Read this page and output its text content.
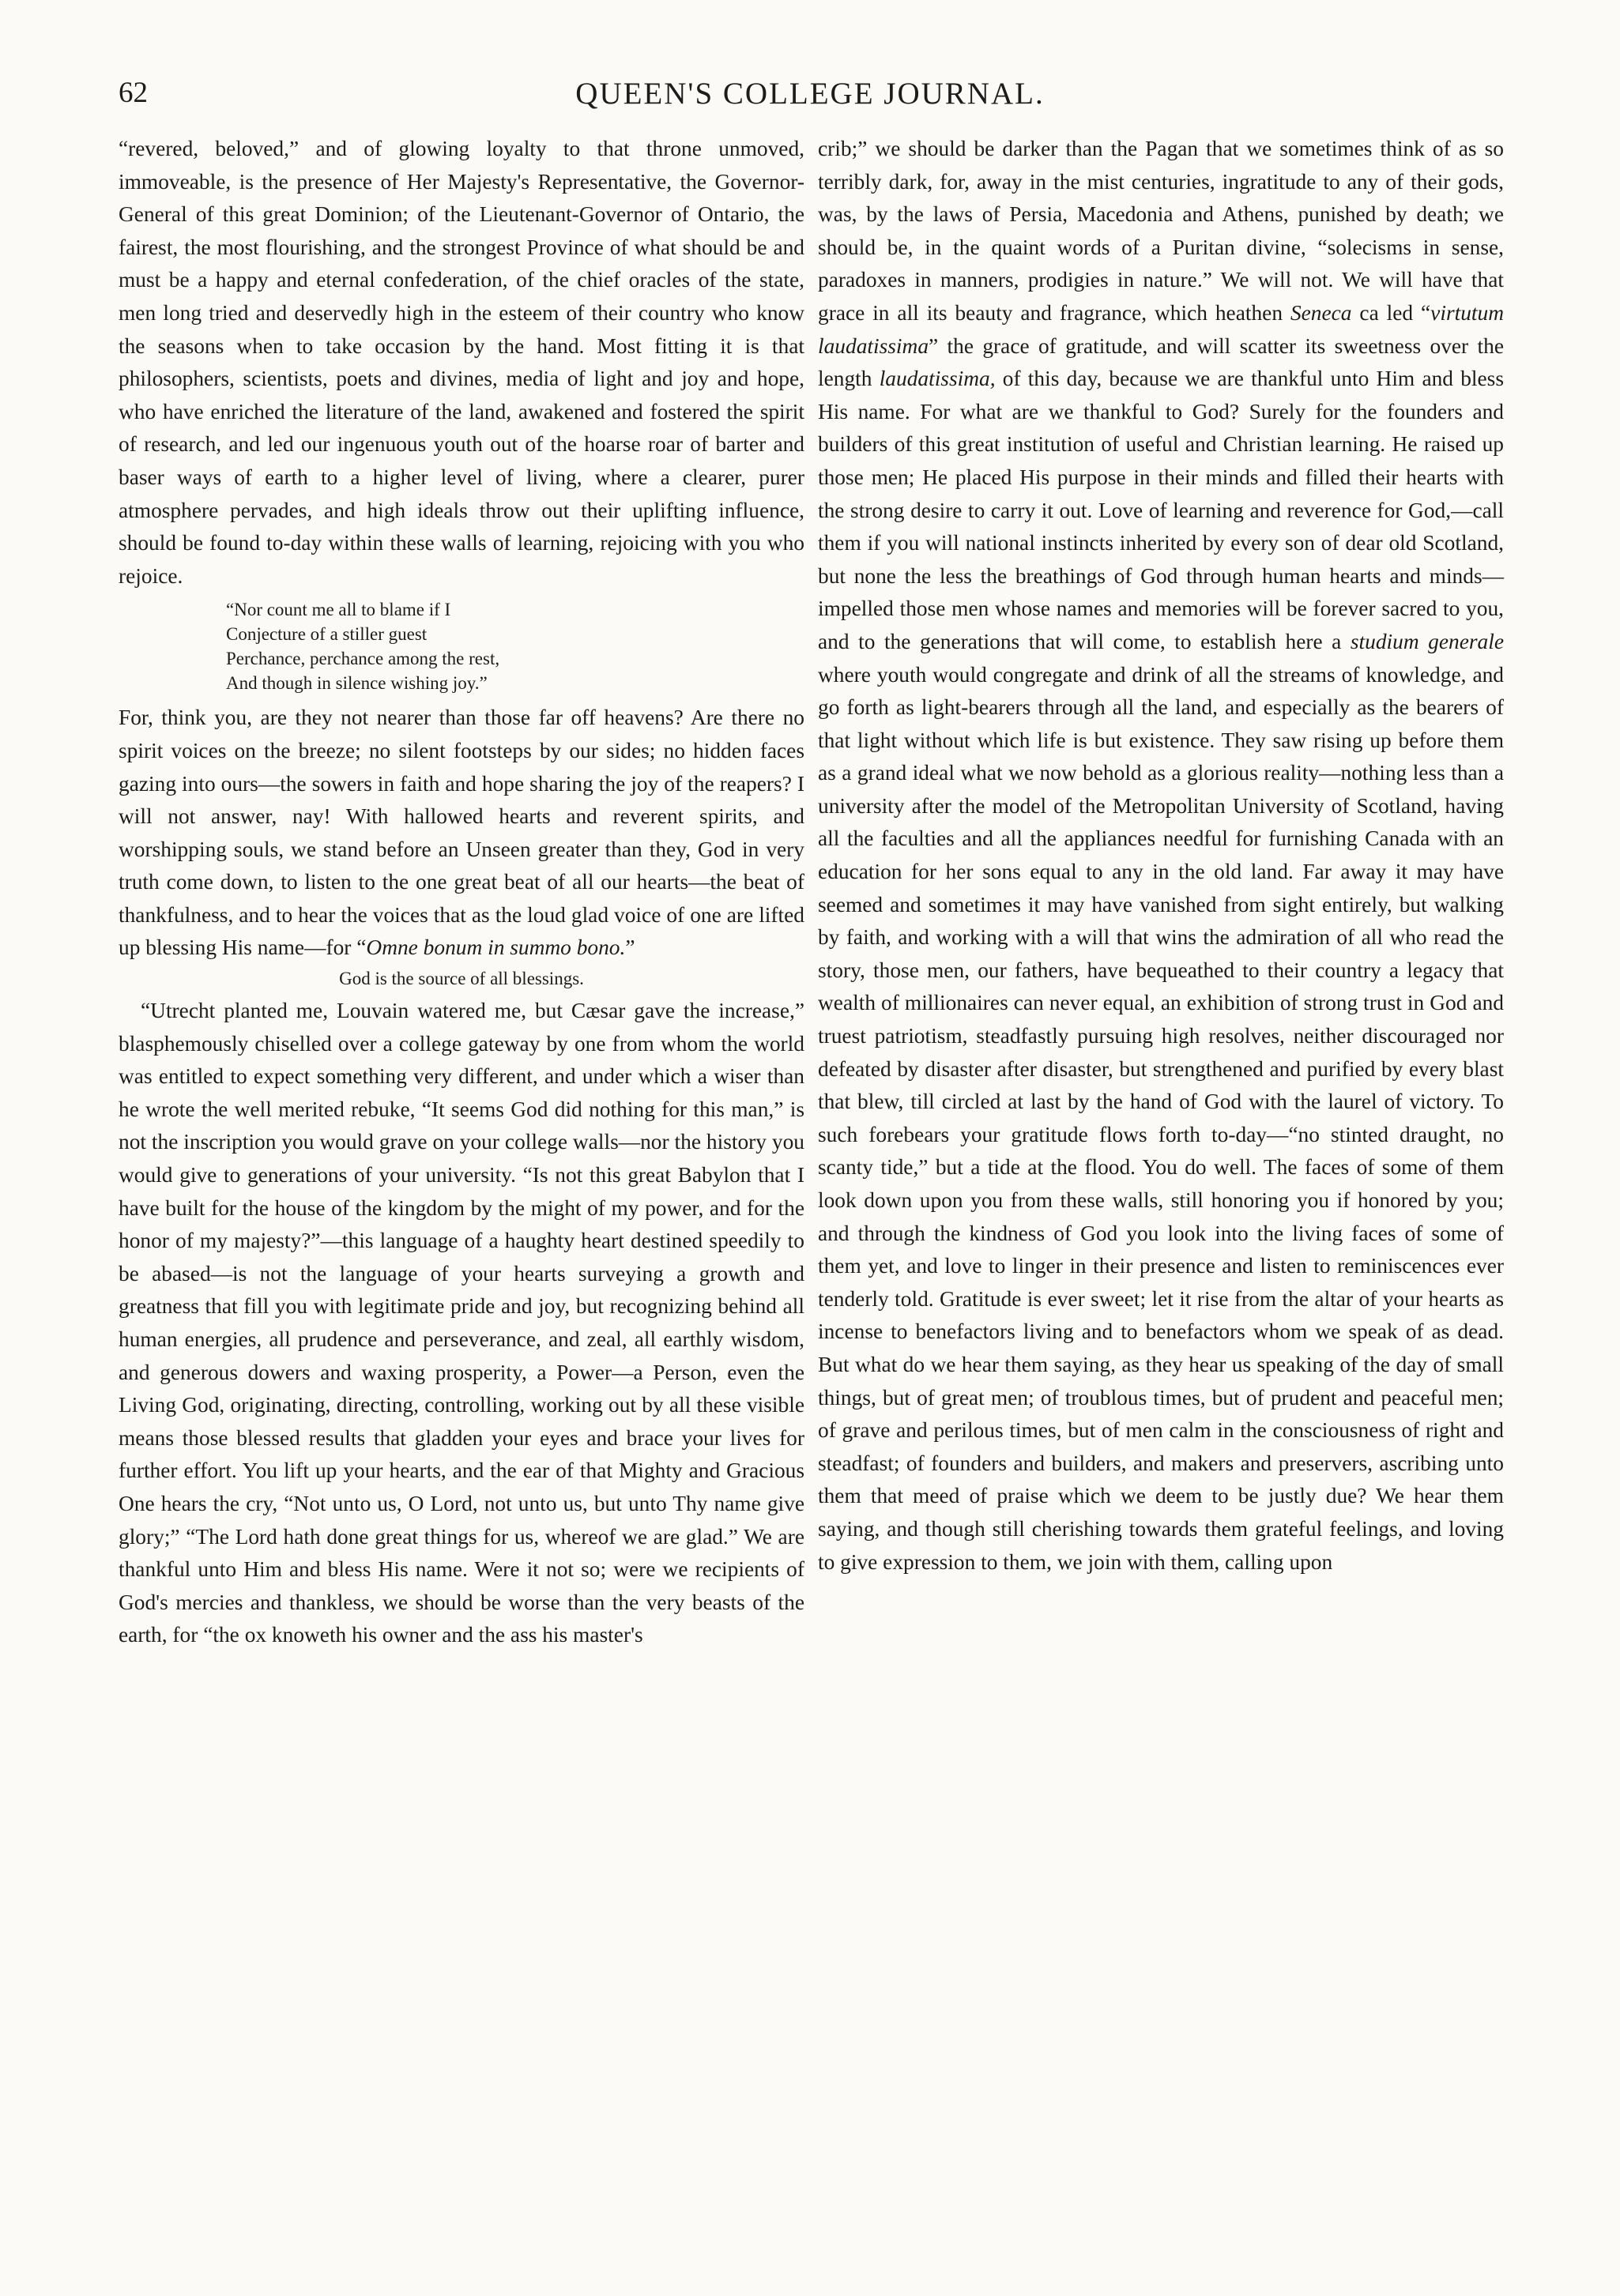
62	QUEEN'S COLLEGE JOURNAL.

“revered, beloved,” and of glowing loyalty to that throne unmoved, immoveable, is the presence of Her Majesty's Representative, the Governor-General of this great Dominion; of the Lieutenant-Governor of Ontario, the fairest, the most flourishing, and the strongest Province of what should be and must be a happy and eternal confederation, of the chief oracles of the state, men long tried and deservedly high in the esteem of their country who know the seasons when to take occasion by the hand. Most fitting it is that philosophers, scientists, poets and divines, media of light and joy and hope, who have enriched the literature of the land, awakened and fostered the spirit of research, and led our ingenuous youth out of the hoarse roar of barter and baser ways of earth to a higher level of living, where a clearer, purer atmosphere pervades, and high ideals throw out their uplifting influence, should be found to-day within these walls of learning, rejoicing with you who rejoice.

“Nor count me all to blame if I
Conjecture of a stiller guest
Perchance, perchance among the rest,
And though in silence wishing joy.”

For, think you, are they not nearer than those far off heavens? Are there no spirit voices on the breeze; no silent footsteps by our sides; no hidden faces gazing into ours—the sowers in faith and hope sharing the joy of the reapers? I will not answer, nay! With hallowed hearts and reverent spirits, and worshipping souls, we stand before an Unseen greater than they, God in very truth come down, to listen to the one great beat of all our hearts—the beat of thankfulness, and to hear the voices that as the loud glad voice of one are lifted up blessing His name—for “Omne bonum in summo bono.”

God is the source of all blessings.

“Utrecht planted me, Louvain watered me, but Cæsar gave the increase,” blasphemously chiselled over a college gateway by one from whom the world was entitled to expect something very different, and under which a wiser than he wrote the well merited rebuke, “It seems God did nothing for this man,” is not the inscription you would grave on your college walls—nor the history you would give to generations of your university. “Is not this great Babylon that I have built for the house of the kingdom by the might of my power, and for the honor of my majesty?”—this language of a haughty heart destined speedily to be abased—is not the language of your hearts surveying a growth and greatness that fill you with legitimate pride and joy, but recognizing behind all human energies, all prudence and perseverance, and zeal, all earthly wisdom, and generous dowers and waxing prosperity, a Power—a Person, even the Living God, originating, directing, controlling, working out by all these visible means those blessed results that gladden your eyes and brace your lives for further effort. You lift up your hearts, and the ear of that Mighty and Gracious One hears the cry, “Not unto us, O Lord, not unto us, but unto Thy name give glory;” “The Lord hath done great things for us, whereof we are glad.” We are thankful unto Him and bless His name. Were it not so; were we recipients of God's mercies and thankless, we should be worse than the very beasts of the earth, for “the ox knoweth his owner and the ass his master's

crib;” we should be darker than the Pagan that we sometimes think of as so terribly dark, for, away in the mist centuries, ingratitude to any of their gods, was, by the laws of Persia, Macedonia and Athens, punished by death; we should be, in the quaint words of a Puritan divine, “solecisms in sense, paradoxes in manners, prodigies in nature.” We will not. We will have that grace in all its beauty and fragrance, which heathen Seneca ca led “virtutum laudatissima” the grace of gratitude, and will scatter its sweetness over the length laudatissima, of this day, because we are thankful unto Him and bless His name. For what are we thankful to God? Surely for the founders and builders of this great institution of useful and Christian learning. He raised up those men; He placed His purpose in their minds and filled their hearts with the strong desire to carry it out. Love of learning and reverence for God,—call them if you will national instincts inherited by every son of dear old Scotland, but none the less the breathings of God through human hearts and minds—impelled those men whose names and memories will be forever sacred to you, and to the generations that will come, to establish here a studium generale where youth would congregate and drink of all the streams of knowledge, and go forth as light-bearers through all the land, and especially as the bearers of that light without which life is but existence. They saw rising up before them as a grand ideal what we now behold as a glorious reality—nothing less than a university after the model of the Metropolitan University of Scotland, having all the faculties and all the appliances needful for furnishing Canada with an education for her sons equal to any in the old land. Far away it may have seemed and sometimes it may have vanished from sight entirely, but walking by faith, and working with a will that wins the admiration of all who read the story, those men, our fathers, have bequeathed to their country a legacy that wealth of millionaires can never equal, an exhibition of strong trust in God and truest patriotism, steadfastly pursuing high resolves, neither discouraged nor defeated by disaster after disaster, but strengthened and purified by every blast that blew, till circled at last by the hand of God with the laurel of victory. To such forebears your gratitude flows forth to-day—“no stinted draught, no scanty tide,” but a tide at the flood. You do well. The faces of some of them look down upon you from these walls, still honoring you if honored by you; and through the kindness of God you look into the living faces of some of them yet, and love to linger in their presence and listen to reminiscences ever tenderly told. Gratitude is ever sweet; let it rise from the altar of your hearts as incense to benefactors living and to benefactors whom we speak of as dead. But what do we hear them saying, as they hear us speaking of the day of small things, but of great men; of troublous times, but of prudent and peaceful men; of grave and perilous times, but of men calm in the consciousness of right and steadfast; of founders and builders, and makers and preservers, ascribing unto them that meed of praise which we deem to be justly due? We hear them saying, and though still cherishing towards them grateful feelings, and loving to give expression to them, we join with them, calling upon
